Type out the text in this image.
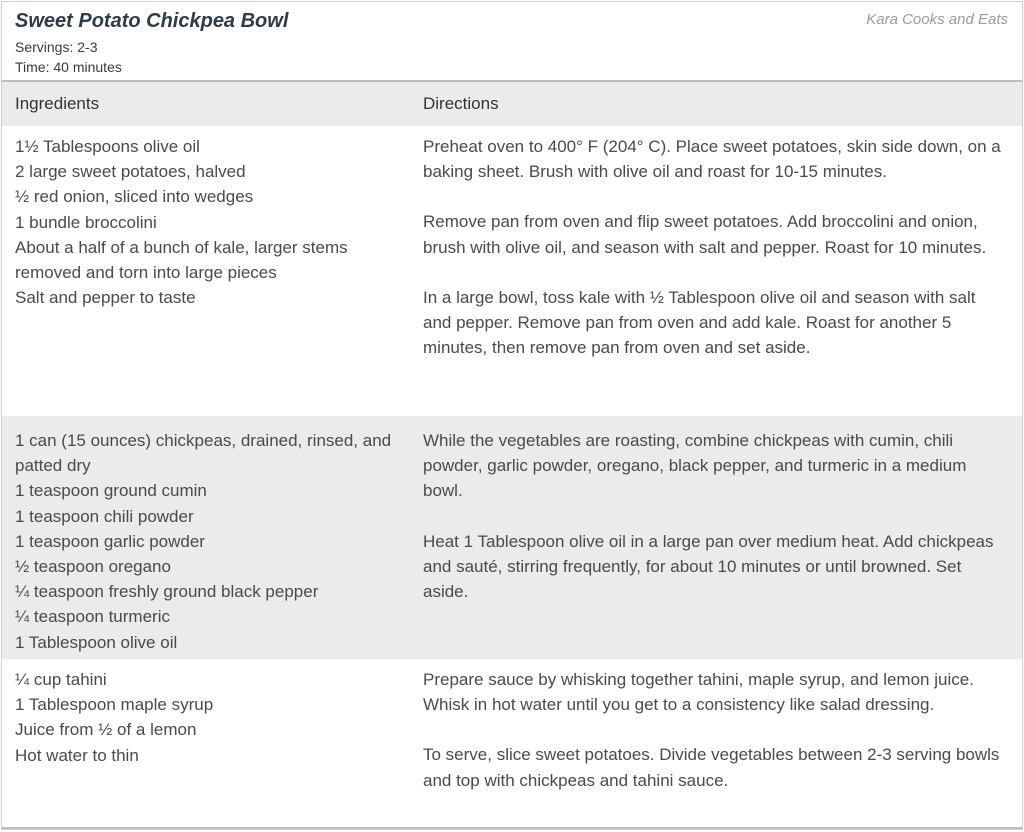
Sweet Potato Chickpea Bowl	Kara Cooks and Eats
Servings: 2-3
Time: 40 minutes
Ingredients	Directions
1½ Tablespoons olive oil
2 large sweet potatoes, halved
½ red onion, sliced into wedges
1 bundle broccolini
About a half of a bunch of kale, larger stems removed and torn into large pieces
Salt and pepper to taste
Preheat oven to 400° F (204° C). Place sweet potatoes, skin side down, on a baking sheet. Brush with olive oil and roast for 10-15 minutes.
Remove pan from oven and flip sweet potatoes. Add broccolini and onion, brush with olive oil, and season with salt and pepper. Roast for 10 minutes.
In a large bowl, toss kale with ½ Tablespoon olive oil and season with salt and pepper. Remove pan from oven and add kale. Roast for another 5 minutes, then remove pan from oven and set aside.
1 can (15 ounces) chickpeas, drained, rinsed, and patted dry
1 teaspoon ground cumin
1 teaspoon chili powder
1 teaspoon garlic powder
½ teaspoon oregano
¼ teaspoon freshly ground black pepper
¼ teaspoon turmeric
1 Tablespoon olive oil
While the vegetables are roasting, combine chickpeas with cumin, chili powder, garlic powder, oregano, black pepper, and turmeric in a medium bowl.
Heat 1 Tablespoon olive oil in a large pan over medium heat. Add chickpeas and sauté, stirring frequently, for about 10 minutes or until browned. Set aside.
¼ cup tahini
1 Tablespoon maple syrup
Juice from ½ of a lemon
Hot water to thin
Prepare sauce by whisking together tahini, maple syrup, and lemon juice. Whisk in hot water until you get to a consistency like salad dressing.
To serve, slice sweet potatoes. Divide vegetables between 2-3 serving bowls and top with chickpeas and tahini sauce.
